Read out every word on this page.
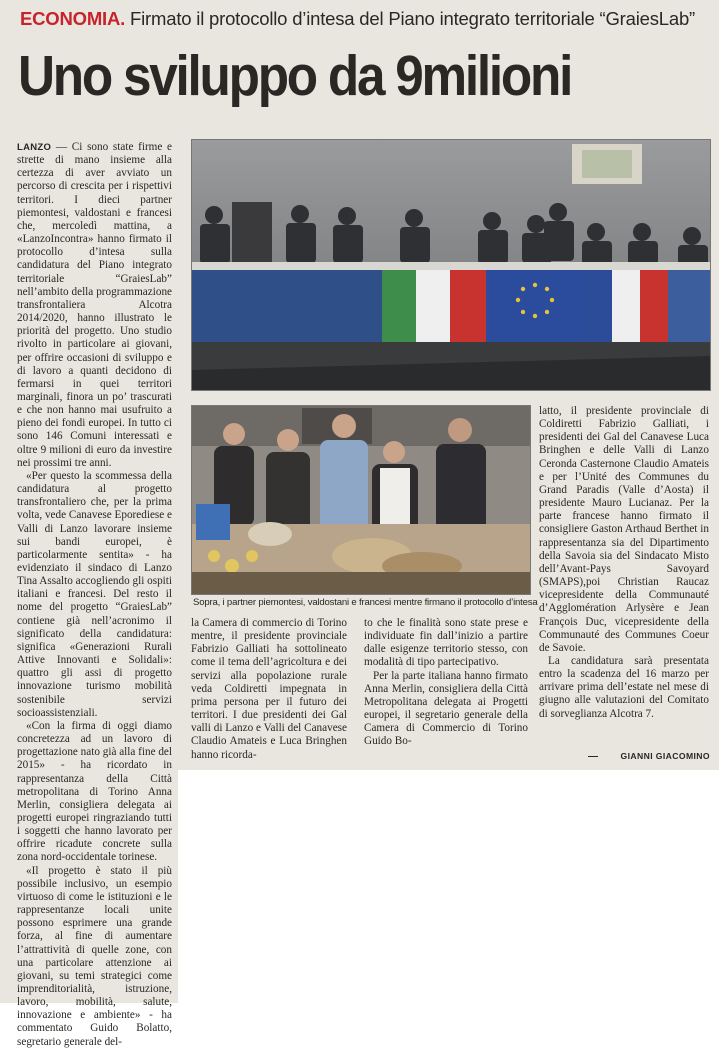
ECONOMIA. Firmato il protocollo d’intesa del Piano integrato territoriale “GraiesLab”
Uno sviluppo da 9milioni

LANZO — Ci sono state firme e strette di mano insieme alla certezza di aver avviato un percorso di crescita per i rispettivi territori. I dieci partner piemontesi, valdostani e francesi che, mercoledì mattina, a «LanzoIncontra» hanno firmato il protocollo d’intesa sulla candidatura del Piano integrato territoriale “GraiesLab” nell’ambito della programmazione transfrontaliera Alcotra 2014/2020, hanno illustrato le priorità del progetto. Uno studio rivolto in particolare ai giovani, per offrire occasioni di sviluppo e di lavoro a quanti decidono di fermarsi in quei territori marginali, finora un po’ trascurati e che non hanno mai usufruito a pieno dei fondi europei. In tutto ci sono 146 Comuni interessati e oltre 9 milioni di euro da investire nei prossimi tre anni.

«Per questo la scommessa della candidatura al progetto transfrontaliero che, per la prima volta, vede Canavese Eporediese e Valli di Lanzo lavorare insieme sui bandi europei, è particolarmente sentita» - ha evidenziato il sindaco di Lanzo Tina Assalto accogliendo gli ospiti italiani e francesi. Del resto il nome del progetto “GraiesLab” contiene già nell’acronimo il significato della candidatura: significa «Generazioni Rurali Attive Innovanti e Solidali»: quattro gli assi di progetto innovazione turismo mobilità sostenibile servizi socioassistenziali.

«Con la firma di oggi diamo concretezza ad un lavoro di progettazione nato già alla fine del 2015» - ha ricordato in rappresentanza della Città metropolitana di Torino Anna Merlin, consigliera delegata ai progetti europei ringraziando tutti i soggetti che hanno lavorato per offrire ricadute concrete sulla zona nord-occidentale torinese.

«Il progetto è stato il più possibile inclusivo, un esempio virtuoso di come le istituzioni e le rappresentanze locali unite possono esprimere una grande forza, al fine di aumentare l’attrattività di quelle zone, con una particolare attenzione ai giovani, su temi strategici come imprenditorialità, istruzione, lavoro, mobilità, salute, innovazione e ambiente» - ha commentato Guido Bolatto, segretario generale del-

Sopra, i partner piemontesi, valdostani e francesi mentre firmano il protocollo d’intesa

la Camera di commercio di Torino mentre, il presidente provinciale Fabrizio Galliati ha sottolineato come il tema dell’agricoltura e dei servizi alla popolazione rurale veda Coldiretti impegnata in prima persona per il futuro dei territori. I due presidenti dei Gal valli di Lanzo e Valli del Canavese Claudio Amateis e Luca Bringhen hanno ricorda-

to che le finalità sono state prese e individuate fin dall’inizio a partire dalle esigenze territorio stesso, con modalità di tipo partecipativo.

Per la parte italiana hanno firmato Anna Merlin, consigliera della Città Metropolitana delegata ai Progetti europei, il segretario generale della Camera di Commercio di Torino Guido Bo-

latto, il presidente provinciale di Coldiretti Fabrizio Galliati, i presidenti dei Gal del Canavese Luca Bringhen e delle Valli di Lanzo Ceronda Casternone Claudio Amateis e per l’Unité des Communes du Grand Paradis (Valle d’Aosta) il presidente Mauro Lucianaz. Per la parte francese hanno firmato il consigliere Gaston Arthaud Berthet in rappresentanza sia del Dipartimento della Savoia sia del Sindacato Misto dell’Avant-Pays Savoyard (SMAPS),poi Christian Raucaz vicepresidente della Communauté d’Agglomération Arlysère e Jean François Duc, vicepresidente della Communauté des Communes Coeur de Savoie.

La candidatura sarà presentata entro la scadenza del 16 marzo per arrivare prima dell’estate nel mese di giugno alle valutazioni del Comitato di sorveglianza Alcotra 7.

GIANNI GIACOMINO
